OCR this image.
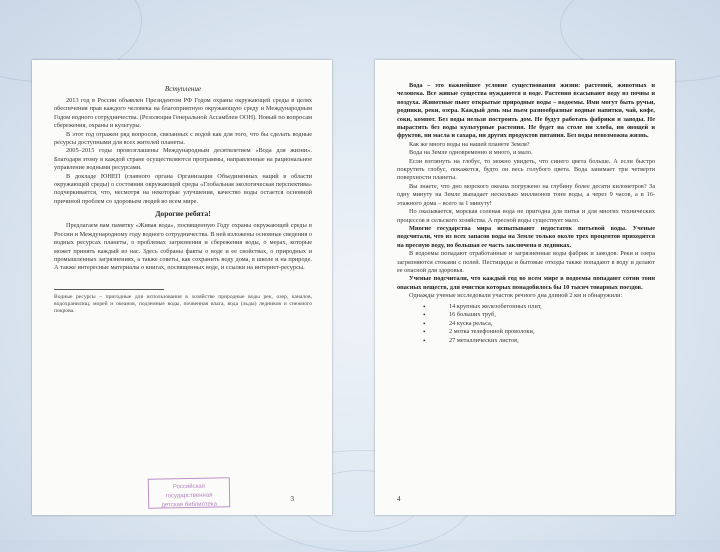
Вступление

2013 год в России объявлен Президентом РФ Годом охраны окружающей среды в целях обеспечения прав каждого человека на благоприятную окружающую среду и Международным Годом водного сотрудничества. (Резолюция Генеральной Ассамблеи ООН). Новый по вопросам сбережения, охраны и культуры.

В этот год отражен ряд вопросов, связанных с водой как для того, что бы сделать водные ресурсы доступными для всех жителей планеты.

2005–2015 годы провозглашены Международным десятилетием «Вода для жизни». Благодаря этому в каждой стране осуществляются программы, направленные на рациональное управление водными ресурсами.

В докладе ЮНЕП (главного органа Организации Объединенных наций в области окружающей среды) о состоянии окружающей среды «Глобальная экологическая перспектива» подчеркивается, что, несмотря на некоторые улучшения, качество воды остается основной причиной проблем со здоровьем людей во всем мире.

Дорогие ребята!

Предлагаем вам памятку «Живая вода», посвященную Году охраны окружающей среды в России и Международному году водного сотрудничества. В ней изложены основные сведения о водных ресурсах планеты, о проблемах загрязнения и сбережения воды, о мерах, которые может принять каждый из нас. Здесь собраны факты о воде и ее свойствах, о природных и промышленных загрязнениях, а также советы, как сохранить воду дома, в школе и на природе. А также интересные материалы о книгах, посвященных воде, и ссылки на интернет-ресурсы.

Водные ресурсы – пригодные для использования в хозяйстве природные воды рек, озер, каналов, водохранилищ, морей и океанов, подземные воды, почвенная влага, вода (льды) ледников и снежного покрова.
Российская государственная
детская библиотека
3

Вода – это важнейшее условие существования жизни: растений, животных и человека. Все живые существа нуждаются в воде. Растения всасывают воду из почвы и воздуха. Животные пьют открытые природные воды – водоемы. Ими могут быть ручьи, родники, реки, озера. Каждый день мы пьем разнообразные водные напитки, чай, кофе, соки, компот. Без воды нельзя построить дом. Не будут работать фабрики и заводы. Не вырастить без воды культурные растения. Не будет на столе ни хлеба, ни овощей и фруктов, ни масла и сахара, ни других продуктов питания. Без воды невозможна жизнь.

Как же много воды на нашей планете Земля?

Вода на Земле одновременно и много, и мало.

Если взглянуть на глобус, то можно увидеть, что синего цвета больше. А если быстро покрутить глобус, покажется, будто он весь голубого цвета. Вода занимает три четверти поверхности планеты.

Вы знаете, что дно морского океана погружено на глубину более десяти километров? За одну минуту на Земле выпадает несколько миллионов тонн воды, а через 9 часов, а в 16-этажного дома – всего за 1 минуту!

Но оказывается, морская соленая вода не пригодна для питья и для многих технических процессов и сельского хозяйства. А пресной воды существует мало.

Многие государства мира испытывают недостаток питьевой воды. Ученые подсчитали, что из всех запасов воды на Земле только около трех процентов приходится на пресную воду, но большая ее часть заключена в ледниках.

В водоемы попадают отработанные и загрязненные воды фабрик и заводов. Реки и озера загрязняются стоками с полей. Пестициды и бытовые отходы также попадают в воду и делают ее опасной для здоровья.

Ученые подсчитали, что каждый год во всем мире в водоемы попадают сотни тонн опасных веществ, для очистки которых понадобилось бы 10 тысяч товарных поездов.

Однажды ученые исследовали участок речного дна длиной 2 км и обнаружили:

• 14 крупных железобетонных плит,
• 16 больших труб,
• 24 куска рельса,
• 2 мотка телефонной проволоки,
• 27 металлических листов,
4
